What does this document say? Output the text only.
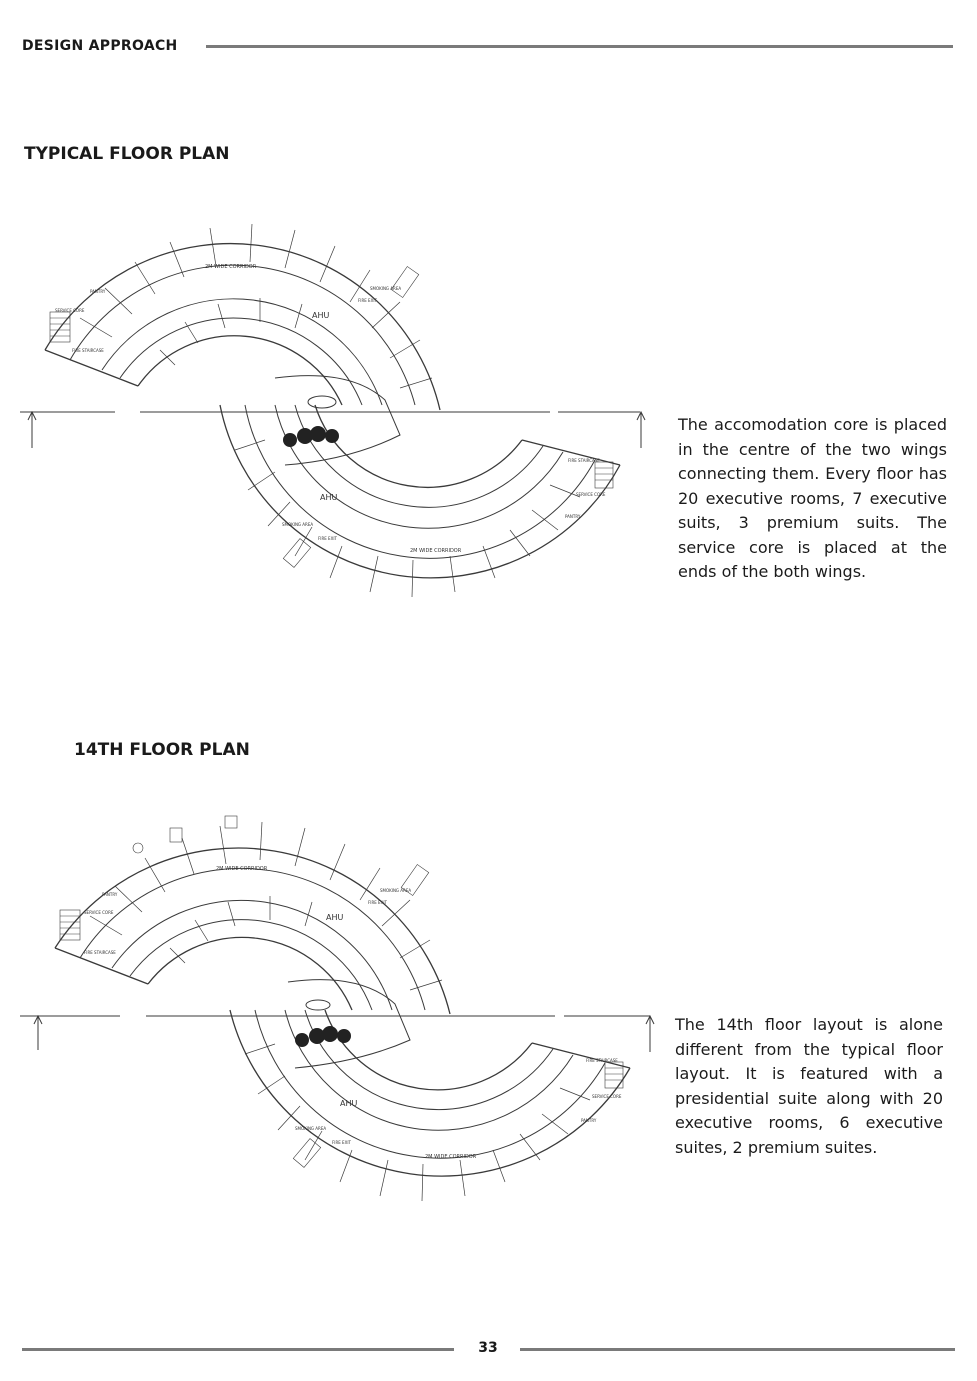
DESIGN APPROACH
TYPICAL FLOOR PLAN
2M WIDE CORRIDOR
PANTRY
SERVICE CORE
FIRE STAIRCASE
AHU
FIRE EXIT
SMOKING AREA
AHU
2M WIDE CORRIDOR
FIRE STAIRCASE
SERVICE CORE
PANTRY
SMOKING AREA
FIRE EXIT
The accomodation core is placed in the centre of the two wings connecting them. Every floor has 20 executive rooms, 7 executive suits, 3 premium suits. The service core is placed at the ends of the both wings.
14TH FLOOR PLAN
2M WIDE CORRIDOR
PANTRY
SERVICE CORE
FIRE STAIRCASE
AHU
FIRE EXIT
SMOKING AREA
AHU
2M WIDE CORRIDOR
FIRE STAIRCASE
SERVICE CORE
PANTRY
SMOKING AREA
FIRE EXIT
The 14th floor layout is alone different from the typical floor layout. It is featured with a presidential suite along with 20 executive rooms, 6 executive suites, 2 premium suites.
33
